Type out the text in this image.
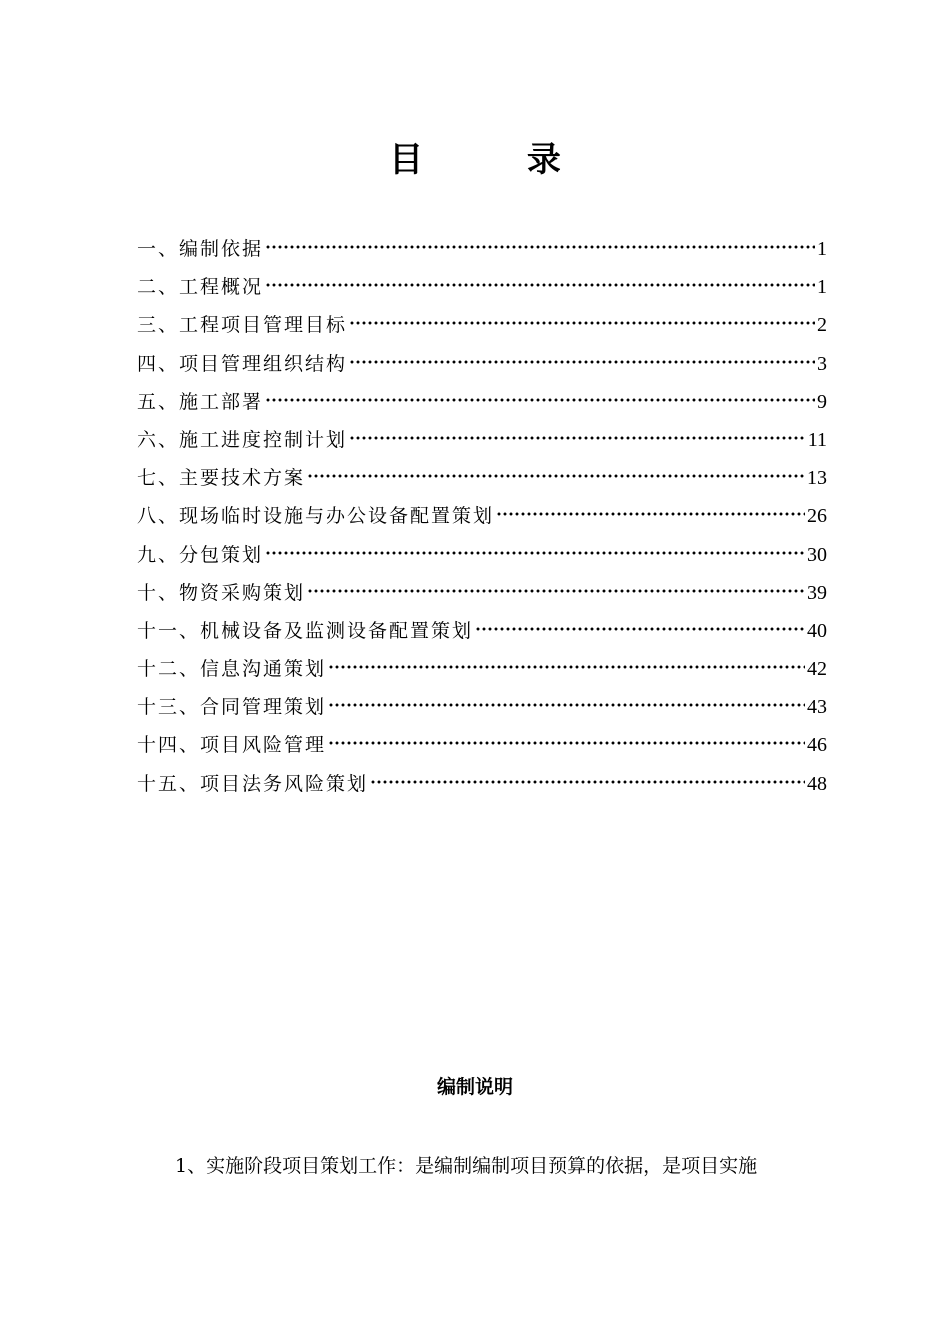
目 录
一、编制依据	1
二、工程概况	1
三、工程项目管理目标	2
四、项目管理组织结构	3
五、施工部署	9
六、施工进度控制计划	11
七、主要技术方案	13
八、现场临时设施与办公设备配置策划	26
九、分包策划	30
十、物资采购策划	39
十一、机械设备及监测设备配置策划	40
十二、信息沟通策划	42
十三、合同管理策划	43
十四、项目风险管理	46
十五、项目法务风险策划	48
编制说明
1、实施阶段项目策划工作：是编制编制项目预算的依据，是项目实施
